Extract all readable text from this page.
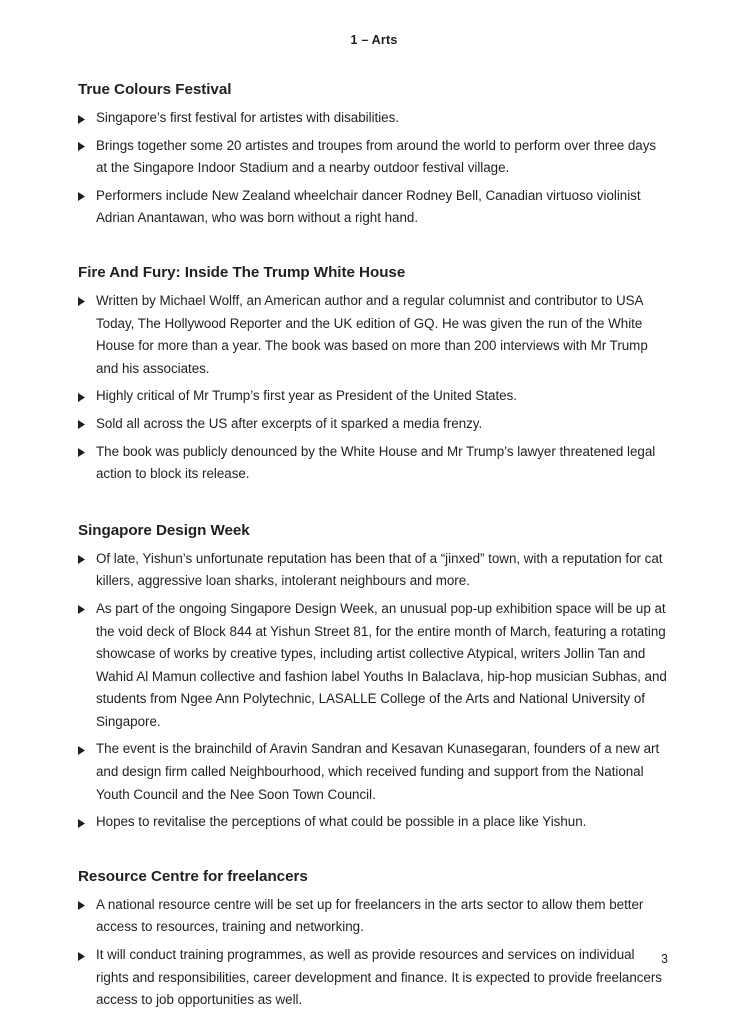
1 – Arts
True Colours Festival
Singapore’s first festival for artistes with disabilities.
Brings together some 20 artistes and troupes from around the world to perform over three days at the Singapore Indoor Stadium and a nearby outdoor festival village.
Performers include New Zealand wheelchair dancer Rodney Bell, Canadian virtuoso violinist Adrian Anantawan, who was born without a right hand.
Fire And Fury: Inside The Trump White House
Written by Michael Wolff, an American author and a regular columnist and contributor to USA Today, The Hollywood Reporter and the UK edition of GQ. He was given the run of the White House for more than a year. The book was based on more than 200 interviews with Mr Trump and his associates.
Highly critical of Mr Trump’s first year as President of the United States.
Sold all across the US after excerpts of it sparked a media frenzy.
The book was publicly denounced by the White House and Mr Trump’s lawyer threatened legal action to block its release.
Singapore Design Week
Of late, Yishun’s unfortunate reputation has been that of a “jinxed” town, with a reputation for cat killers, aggressive loan sharks, intolerant neighbours and more.
As part of the ongoing Singapore Design Week, an unusual pop-up exhibition space will be up at the void deck of Block 844 at Yishun Street 81, for the entire month of March, featuring a rotating showcase of works by creative types, including artist collective Atypical, writers Jollin Tan and Wahid Al Mamun collective and fashion label Youths In Balaclava, hip-hop musician Subhas, and students from Ngee Ann Polytechnic, LASALLE College of the Arts and National University of Singapore.
The event is the brainchild of Aravin Sandran and Kesavan Kunasegaran, founders of a new art and design firm called Neighbourhood, which received funding and support from the National Youth Council and the Nee Soon Town Council.
Hopes to revitalise the perceptions of what could be possible in a place like Yishun.
Resource Centre for freelancers
A national resource centre will be set up for freelancers in the arts sector to allow them better access to resources, training and networking.
It will conduct training programmes, as well as provide resources and services on individual rights and responsibilities, career development and finance. It is expected to provide freelancers access to job opportunities as well.
3
